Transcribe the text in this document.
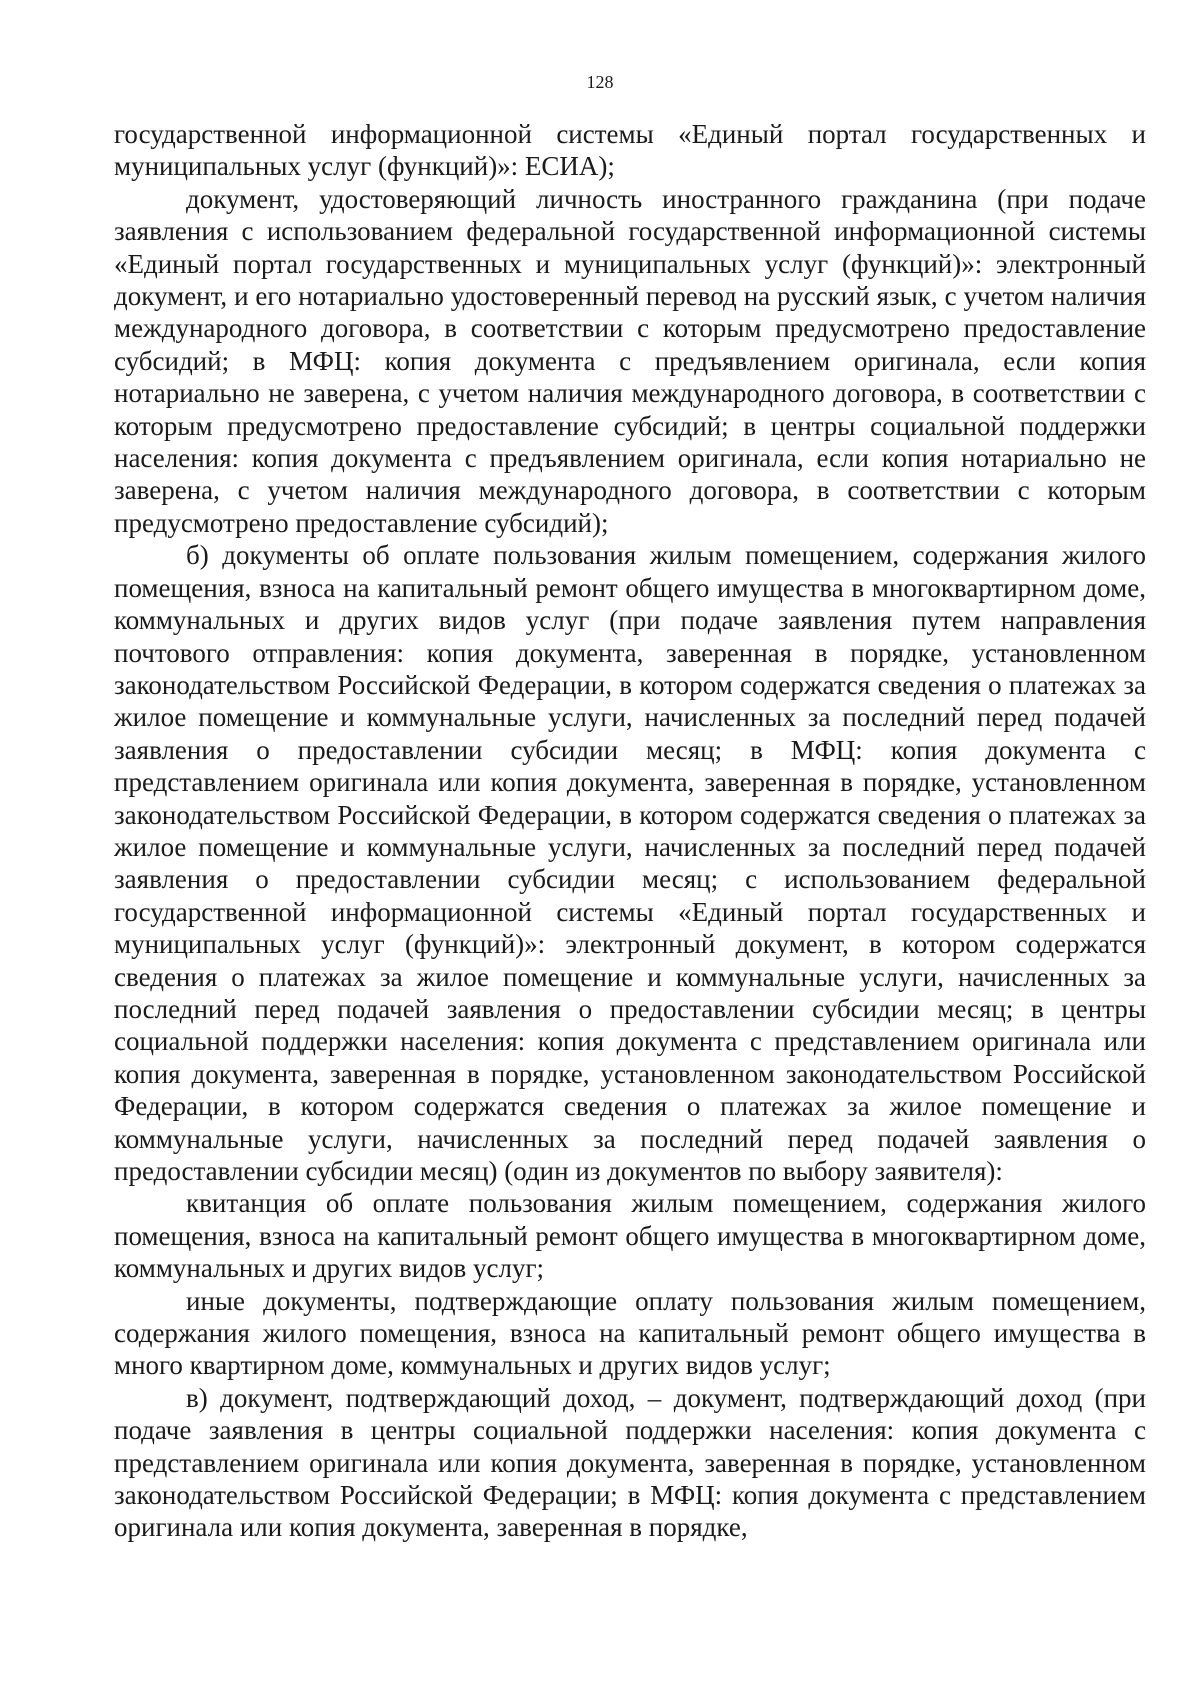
128

государственной информационной системы «Единый портал государственных и муниципальных услуг (функций)»: ЕСИА);

документ, удостоверяющий личность иностранного гражданина (при подаче заявления с использованием федеральной государственной информационной системы «Единый портал государственных и муниципальных услуг (функций)»: электронный документ, и его нотариально удостоверенный перевод на русский язык, с учетом наличия международного договора, в соответствии с которым предусмотрено предоставление субсидий; в МФЦ: копия документа с предъявлением оригинала, если копия нотариально не заверена, с учетом наличия международного договора, в соответствии с которым предусмотрено предоставление субсидий; в центры социальной поддержки населения: копия документа с предъявлением оригинала, если копия нотариально не заверена, с учетом наличия международного договора, в соответствии с которым предусмотрено предоставление субсидий);

б) документы об оплате пользования жилым помещением, содержания жилого помещения, взноса на капитальный ремонт общего имущества в многоквартирном доме, коммунальных и других видов услуг (при подаче заявления путем направления почтового отправления: копия документа, заверенная в порядке, установленном законодательством Российской Федерации, в котором содержатся сведения о платежах за жилое помещение и коммунальные услуги, начисленных за последний перед подачей заявления о предоставлении субсидии месяц; в МФЦ: копия документа с представлением оригинала или копия документа, заверенная в порядке, установленном законодательством Российской Федерации, в котором содержатся сведения о платежах за жилое помещение и коммунальные услуги, начисленных за последний перед подачей заявления о предоставлении субсидии месяц; с использованием федеральной государственной информационной системы «Единый портал государственных и муниципальных услуг (функций)»: электронный документ, в котором содержатся сведения о платежах за жилое помещение и коммунальные услуги, начисленных за последний перед подачей заявления о предоставлении субсидии месяц; в центры социальной поддержки населения: копия документа с представлением оригинала или копия документа, заверенная в порядке, установленном законодательством Российской Федерации, в котором содержатся сведения о платежах за жилое помещение и коммунальные услуги, начисленных за последний перед подачей заявления о предоставлении субсидии месяц) (один из документов по выбору заявителя):

квитанция об оплате пользования жилым помещением, содержания жилого помещения, взноса на капитальный ремонт общего имущества в многоквартирном доме, коммунальных и других видов услуг;

иные документы, подтверждающие оплату пользования жилым помещением, содержания жилого помещения, взноса на капитальный ремонт общего имущества в много квартирном доме, коммунальных и других видов услуг;

в) документ, подтверждающий доход, – документ, подтверждающий доход (при подаче заявления в центры социальной поддержки населения: копия документа с представлением оригинала или копия документа, заверенная в порядке, установленном законодательством Российской Федерации; в МФЦ: копия документа с представлением оригинала или копия документа, заверенная в порядке,
